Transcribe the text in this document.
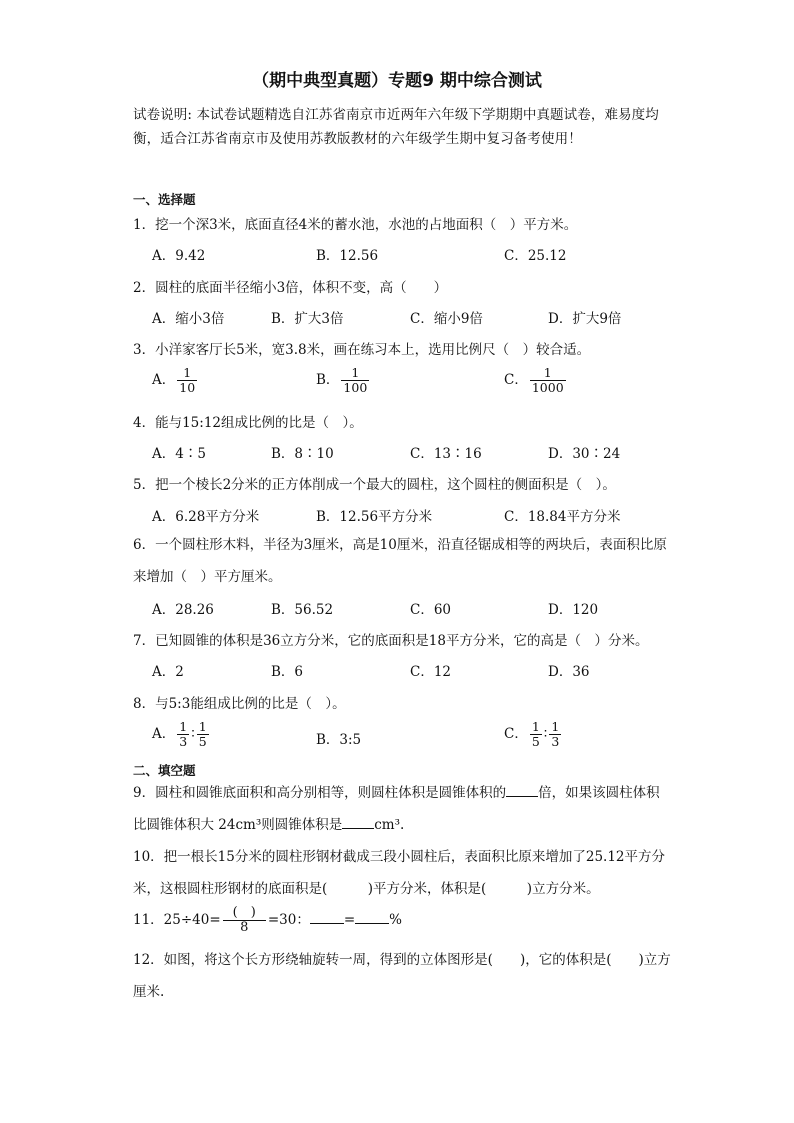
（期中典型真题）专题9 期中综合测试
试卷说明: 本试卷试题精选自江苏省南京市近两年六年级下学期期中真题试卷，难易度均衡，适合江苏省南京市及使用苏教版教材的六年级学生期中复习备考使用！
一、选择题
1．挖一个深3米，底面直径4米的蓄水池，水池的占地面积（　）平方米。
A．9.42	B．12.56	C．25.12
2．圆柱的底面半径缩小3倍，体积不变，高（　　）
A．缩小3倍	B．扩大3倍	C．缩小9倍	D．扩大9倍
3．小洋家客厅长5米，宽3.8米，画在练习本上，选用比例尺（　）较合适。
A． $\frac{1}{10}$	B． $\frac{1}{100}$	C． $\frac{1}{1000}$
4．能与15:12组成比例的比是（　）。
A．4∶5	B．8∶10	C．13∶16	D．30∶24
5．把一个棱长2分米的正方体削成一个最大的圆柱，这个圆柱的侧面积是（　）。
A．6.28平方分米	B．12.56平方分米	C．18.84平方分米
6．一个圆柱形木料，半径为3厘米，高是10厘米，沿直径锯成相等的两块后，表面积比原来增加（　）平方厘米。
A．28.26	B．56.52	C．60	D．120
7．已知圆锥的体积是36立方分米，它的底面积是18平方分米，它的高是（　）分米。
A．2	B．6	C．12	D．36
8．与5:3能组成比例的比是（　）。
A． $\frac{1}{3}$ ∶ $\frac{1}{5}$	B．3:5	C． $\frac{1}{5}$ ∶ $\frac{1}{3}$
二、填空题
9．圆柱和圆锥底面积和高分别相等，则圆柱体积是圆锥体积的 倍，如果该圆柱体积比圆锥体积大 24cm³则圆锥体积是 cm³.
10．把一根长15分米的圆柱形钢材截成三段小圆柱后，表面积比原来增加了25.12平方分米，这根圆柱形钢材的底面积是(　　　)平方分米，体积是(　　　)立方分米。
11．$25\div 40= \frac{( )}{8} =30$：	=	%
12．如图，将这个长方形绕轴旋转一周，得到的立体图形是(　　)，它的体积是(　　)立方厘米.
